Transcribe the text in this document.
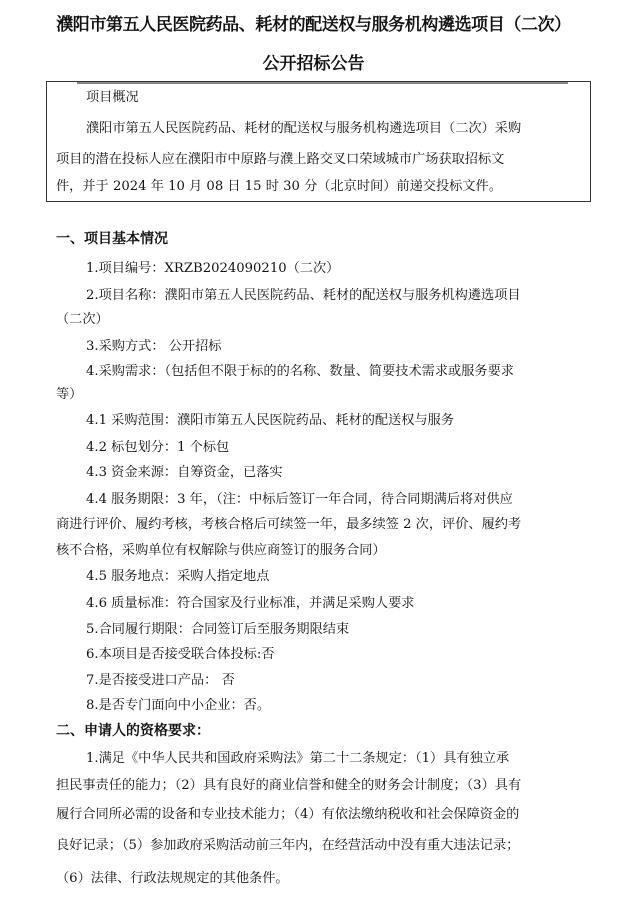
濮阳市第五人民医院药品、耗材的配送权与服务机构遴选项目（二次）
公开招标公告
项目概况
濮阳市第五人民医院药品、耗材的配送权与服务机构遴选项目（二次）采购
项目的潜在投标人应在濮阳市中原路与濮上路交叉口荣域城市广场获取招标文
件，并于 2024 年 10 月 08 日 15 时 30 分（北京时间）前递交投标文件。
一、项目基本情况
1.项目编号：XRZB2024090210（二次）
2.项目名称：濮阳市第五人民医院药品、耗材的配送权与服务机构遴选项目
（二次）
3.采购方式： 公开招标
4.采购需求：（包括但不限于标的的名称、数量、简要技术需求或服务要求
等）
4.1 采购范围：濮阳市第五人民医院药品、耗材的配送权与服务
4.2 标包划分：1 个标包
4.3 资金来源：自筹资金，已落实
4.4 服务期限：3 年，（注：中标后签订一年合同，待合同期满后将对供应
商进行评价、履约考核，考核合格后可续签一年，最多续签 2 次，评价、履约考
核不合格，采购单位有权解除与供应商签订的服务合同）
4.5 服务地点：采购人指定地点
4.6 质量标准：符合国家及行业标准，并满足采购人要求
5.合同履行期限：合同签订后至服务期限结束
6.本项目是否接受联合体投标:否
7.是否接受进口产品： 否
8.是否专门面向中小企业：否。
二、申请人的资格要求：
1.满足《中华人民共和国政府采购法》第二十二条规定：（1）具有独立承
担民事责任的能力；（2）具有良好的商业信誉和健全的财务会计制度；（3）具有
履行合同所必需的设备和专业技术能力；（4）有依法缴纳税收和社会保障资金的
良好记录；（5）参加政府采购活动前三年内，在经营活动中没有重大违法记录；
（6）法律、行政法规规定的其他条件。
